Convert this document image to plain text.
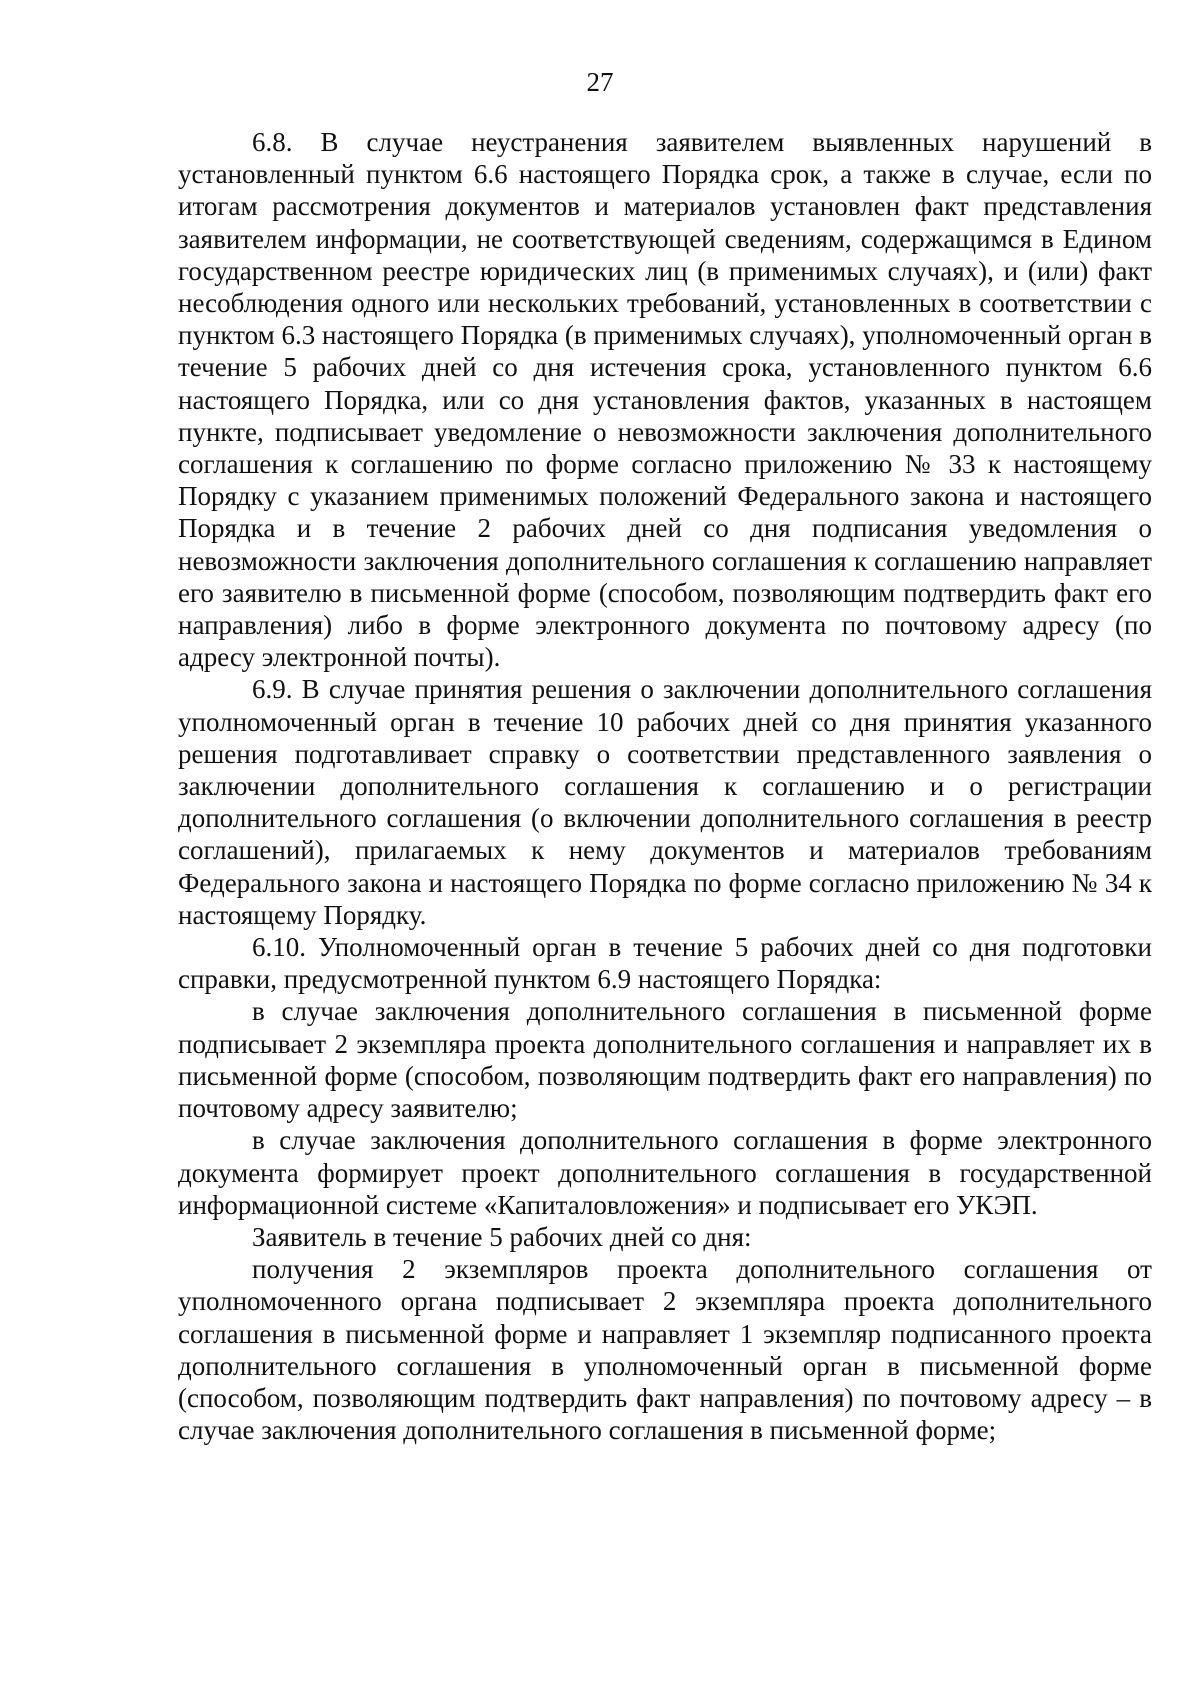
27

6.8. В случае неустранения заявителем выявленных нарушений в установленный пунктом 6.6 настоящего Порядка срок, а также в случае, если по итогам рассмотрения документов и материалов установлен факт представления заявителем информации, не соответствующей сведениям, содержащимся в Едином государственном реестре юридических лиц (в применимых случаях), и (или) факт несоблюдения одного или нескольких требований, установленных в соответствии с пунктом 6.3 настоящего Порядка (в применимых случаях), уполномоченный орган в течение 5 рабочих дней со дня истечения срока, установленного пунктом 6.6 настоящего Порядка, или со дня установления фактов, указанных в настоящем пункте, подписывает уведомление о невозможности заключения дополнительного соглашения к соглашению по форме согласно приложению № 33 к настоящему Порядку с указанием применимых положений Федерального закона и настоящего Порядка и в течение 2 рабочих дней со дня подписания уведомления о невозможности заключения дополнительного соглашения к соглашению направляет его заявителю в письменной форме (способом, позволяющим подтвердить факт его направления) либо в форме электронного документа по почтовому адресу (по адресу электронной почты).

6.9. В случае принятия решения о заключении дополнительного соглашения уполномоченный орган в течение 10 рабочих дней со дня принятия указанного решения подготавливает справку о соответствии представленного заявления о заключении дополнительного соглашения к соглашению и о регистрации дополнительного соглашения (о включении дополнительного соглашения в реестр соглашений), прилагаемых к нему документов и материалов требованиям Федерального закона и настоящего Порядка по форме согласно приложению № 34 к настоящему Порядку.

6.10. Уполномоченный орган в течение 5 рабочих дней со дня подготовки справки, предусмотренной пунктом 6.9 настоящего Порядка:

в случае заключения дополнительного соглашения в письменной форме подписывает 2 экземпляра проекта дополнительного соглашения и направляет их в письменной форме (способом, позволяющим подтвердить факт его направления) по почтовому адресу заявителю;

в случае заключения дополнительного соглашения в форме электронного документа формирует проект дополнительного соглашения в государственной информационной системе «Капиталовложения» и подписывает его УКЭП.

Заявитель в течение 5 рабочих дней со дня:

получения 2 экземпляров проекта дополнительного соглашения от уполномоченного органа подписывает 2 экземпляра проекта дополнительного соглашения в письменной форме и направляет 1 экземпляр подписанного проекта дополнительного соглашения в уполномоченный орган в письменной форме (способом, позволяющим подтвердить факт направления) по почтовому адресу – в случае заключения дополнительного соглашения в письменной форме;
